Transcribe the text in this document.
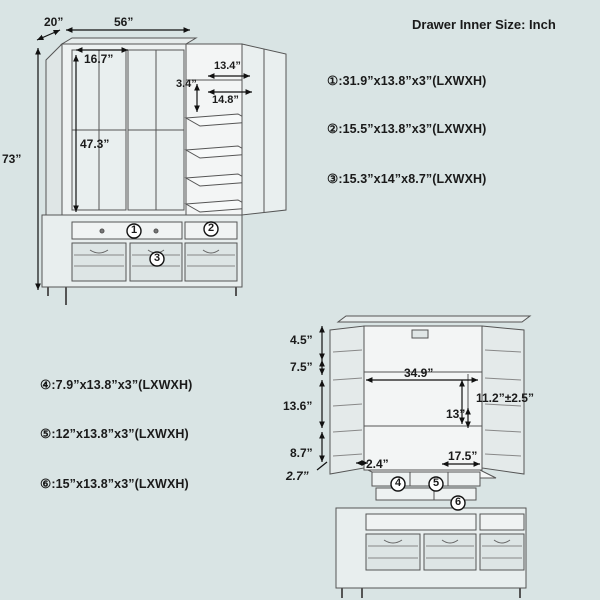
Drawer Inner Size: Inch
①:31.9”x13.8”x3”(LXWXH)
②:15.5”x13.8”x3”(LXWXH)
③:15.3”x14”x8.7”(LXWXH)
④:7.9”x13.8”x3”(LXWXH)
⑤:12”x13.8”x3”(LXWXH)
⑥:15”x13.8”x3”(LXWXH)
20”	56”
73”
16.7”
47.3”
13.4”
3.4”
14.8”
4.5”
7.5”
13.6”
8.7”
2.7”
34.9”
11.2”±2.5”
13”
2.4”
17.5”
1	2
3
4	5
6
